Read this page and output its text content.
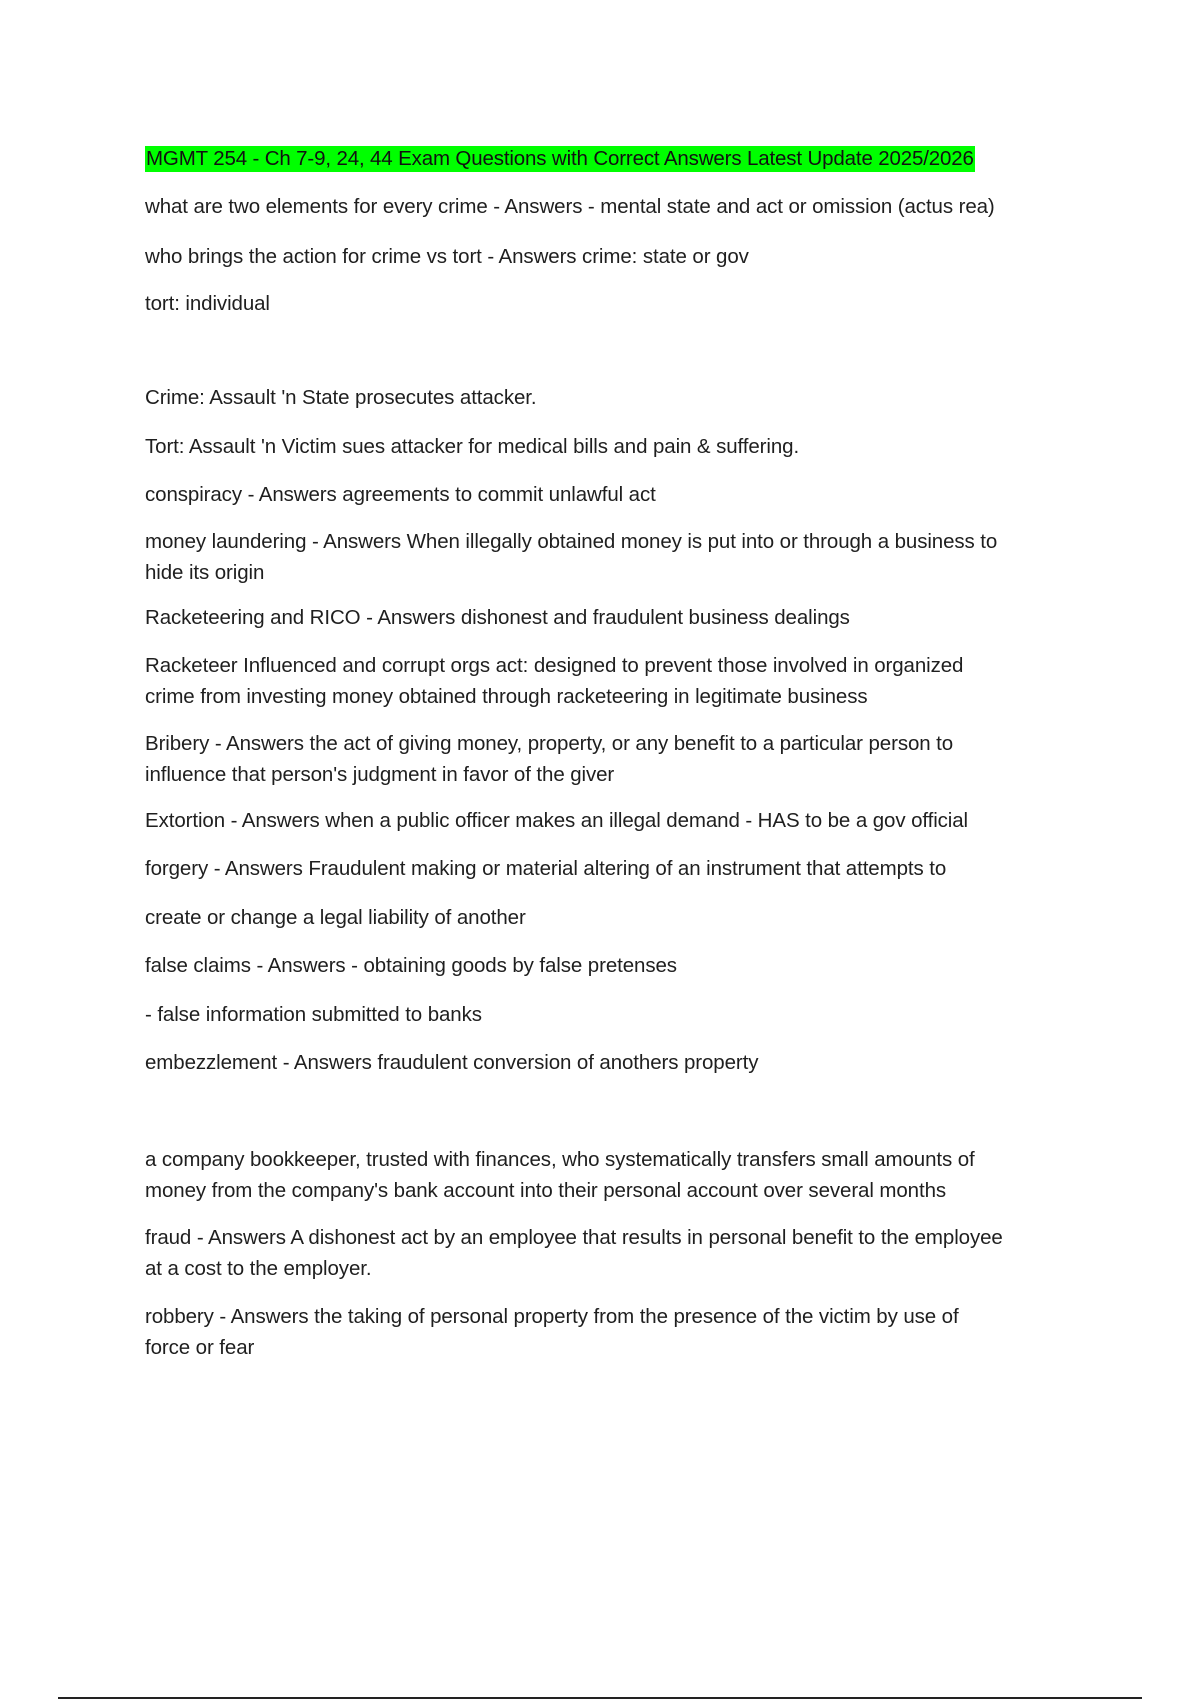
MGMT 254 - Ch 7-9, 24, 44 Exam Questions with Correct Answers Latest Update 2025/2026
what are two elements for every crime - Answers - mental state and act or omission (actus rea)
who brings the action for crime vs tort - Answers crime: state or gov
tort: individual
Crime: Assault 'n State prosecutes attacker.
Tort: Assault 'n Victim sues attacker for medical bills and pain & suffering.
conspiracy - Answers agreements to commit unlawful act
money laundering - Answers When illegally obtained money is put into or through a business to
hide its origin
Racketeering and RICO - Answers dishonest and fraudulent business dealings
Racketeer Influenced and corrupt orgs act: designed to prevent those involved in organized
crime from investing money obtained through racketeering in legitimate business
Bribery - Answers the act of giving money, property, or any benefit to a particular person to
influence that person's judgment in favor of the giver
Extortion - Answers when a public officer makes an illegal demand - HAS to be a gov official
forgery - Answers Fraudulent making or material altering of an instrument that attempts to
create or change a legal liability of another
false claims - Answers - obtaining goods by false pretenses
- false information submitted to banks
embezzlement - Answers fraudulent conversion of anothers property
a company bookkeeper, trusted with finances, who systematically transfers small amounts of
money from the company's bank account into their personal account over several months
fraud - Answers A dishonest act by an employee that results in personal benefit to the employee
at a cost to the employer.
robbery - Answers the taking of personal property from the presence of the victim by use of
force or fear
